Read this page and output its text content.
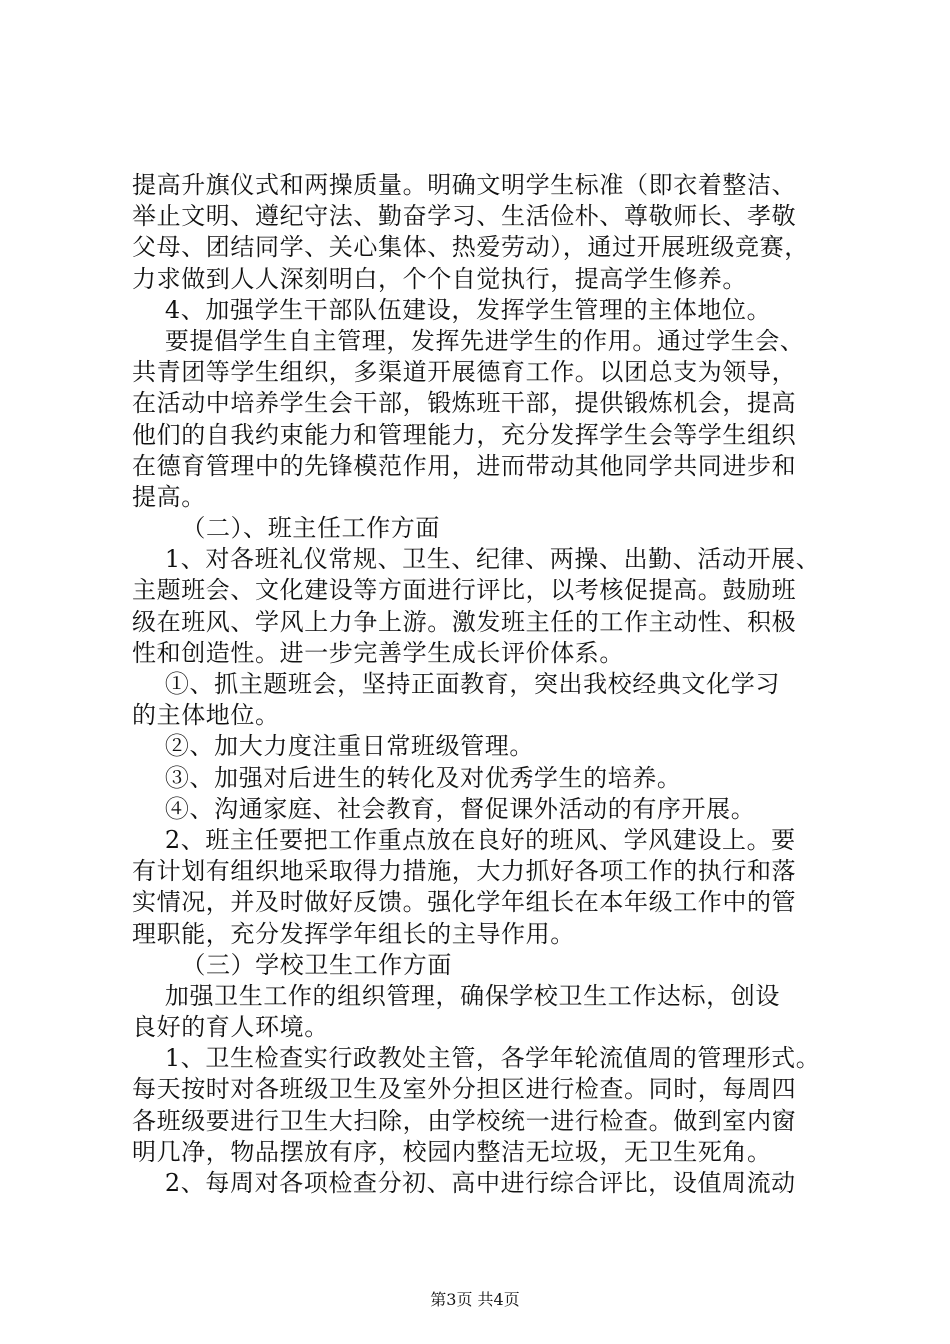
提高升旗仪式和两操质量。明确文明学生标准（即衣着整洁、
举止文明、遵纪守法、勤奋学习、生活俭朴、尊敬师长、孝敬
父母、团结同学、关心集体、热爱劳动），通过开展班级竞赛，
力求做到人人深刻明白，个个自觉执行，提高学生修养。
4、加强学生干部队伍建设，发挥学生管理的主体地位。
要提倡学生自主管理，发挥先进学生的作用。通过学生会、
共青团等学生组织，多渠道开展德育工作。以团总支为领导，
在活动中培养学生会干部，锻炼班干部，提供锻炼机会，提高
他们的自我约束能力和管理能力，充分发挥学生会等学生组织
在德育管理中的先锋模范作用，进而带动其他同学共同进步和
提高。
（二）、班主任工作方面
1、对各班礼仪常规、卫生、纪律、两操、出勤、活动开展、
主题班会、文化建设等方面进行评比，以考核促提高。鼓励班
级在班风、学风上力争上游。激发班主任的工作主动性、积极
性和创造性。进一步完善学生成长评价体系。
①、抓主题班会，坚持正面教育，突出我校经典文化学习
的主体地位。
②、加大力度注重日常班级管理。
③、加强对后进生的转化及对优秀学生的培养。
④、沟通家庭、社会教育，督促课外活动的有序开展。
2、班主任要把工作重点放在良好的班风、学风建设上。要
有计划有组织地采取得力措施，大力抓好各项工作的执行和落
实情况，并及时做好反馈。强化学年组长在本年级工作中的管
理职能，充分发挥学年组长的主导作用。
（三）学校卫生工作方面
加强卫生工作的组织管理，确保学校卫生工作达标，创设
良好的育人环境。
1、卫生检查实行政教处主管，各学年轮流值周的管理形式。
每天按时对各班级卫生及室外分担区进行检查。同时，每周四
各班级要进行卫生大扫除，由学校统一进行检查。做到室内窗
明几净，物品摆放有序，校园内整洁无垃圾，无卫生死角。
2、每周对各项检查分初、高中进行综合评比，设值周流动
第3页 共4页
